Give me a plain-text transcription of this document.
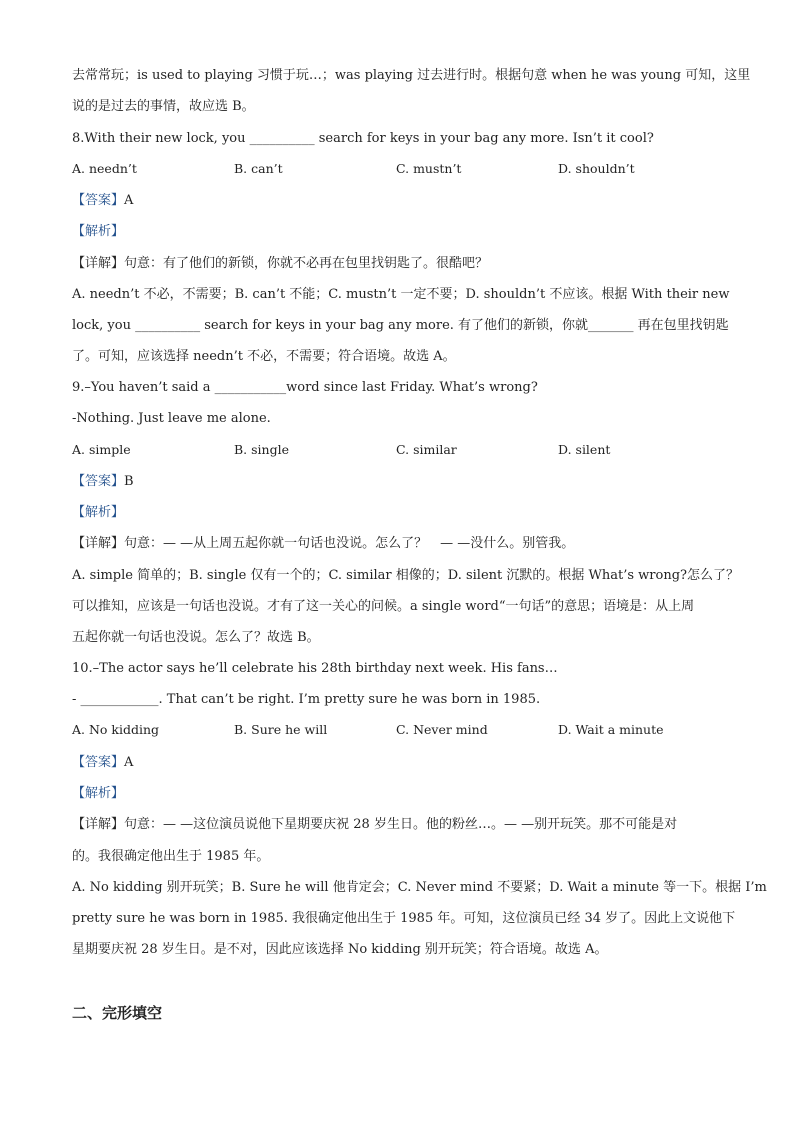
去常常玩；is used to playing 习惯于玩…；was playing 过去进行时。根据句意 when he was young 可知，这里
说的是过去的事情，故应选 B。
8.With their new lock, you __________ search for keys in your bag any more. Isn’t it cool?
A. needn’t	B. can’t	C. mustn’t	D. shouldn’t
【答案】A
【解析】
【详解】句意：有了他们的新锁，你就不必再在包里找钥匙了。很酷吧？
A. needn’t 不必，不需要；B. can’t 不能；C. mustn’t 一定不要；D. shouldn’t 不应该。根据 With their new
lock, you __________ search for keys in your bag any more. 有了他们的新锁，你就_______ 再在包里找钥匙
了。可知，应该选择 needn’t 不必，不需要；符合语境。故选 A。
9.–You haven’t said a ___________word since last Friday. What’s wrong?
-Nothing. Just leave me alone.
A. simple	B. single	C. similar	D. silent
【答案】B
【解析】
【详解】句意：— —从上周五起你就一句话也没说。怎么了？　— —没什么。别管我。
A. simple 简单的；B. single 仅有一个的；C. similar 相像的；D. silent 沉默的。根据 What’s wrong?怎么了？
可以推知，应该是一句话也没说。才有了这一关心的问候。a single word“一句话”的意思；语境是：从上周
五起你就一句话也没说。怎么了？故选 B。
10.–The actor says he’ll celebrate his 28th birthday next week. His fans…
- ____________. That can’t be right. I’m pretty sure he was born in 1985.
A. No kidding	B. Sure he will	C. Never mind	D. Wait a minute
【答案】A
【解析】
【详解】句意：— —这位演员说他下星期要庆祝 28 岁生日。他的粉丝…。— —别开玩笑。那不可能是对
的。我很确定他出生于 1985 年。
A. No kidding 别开玩笑；B. Sure he will 他肯定会；C. Never mind 不要紧；D. Wait a minute 等一下。根据 I’m
pretty sure he was born in 1985. 我很确定他出生于 1985 年。可知，这位演员已经 34 岁了。因此上文说他下
星期要庆祝 28 岁生日。是不对，因此应该选择 No kidding 别开玩笑；符合语境。故选 A。
二、完形填空
